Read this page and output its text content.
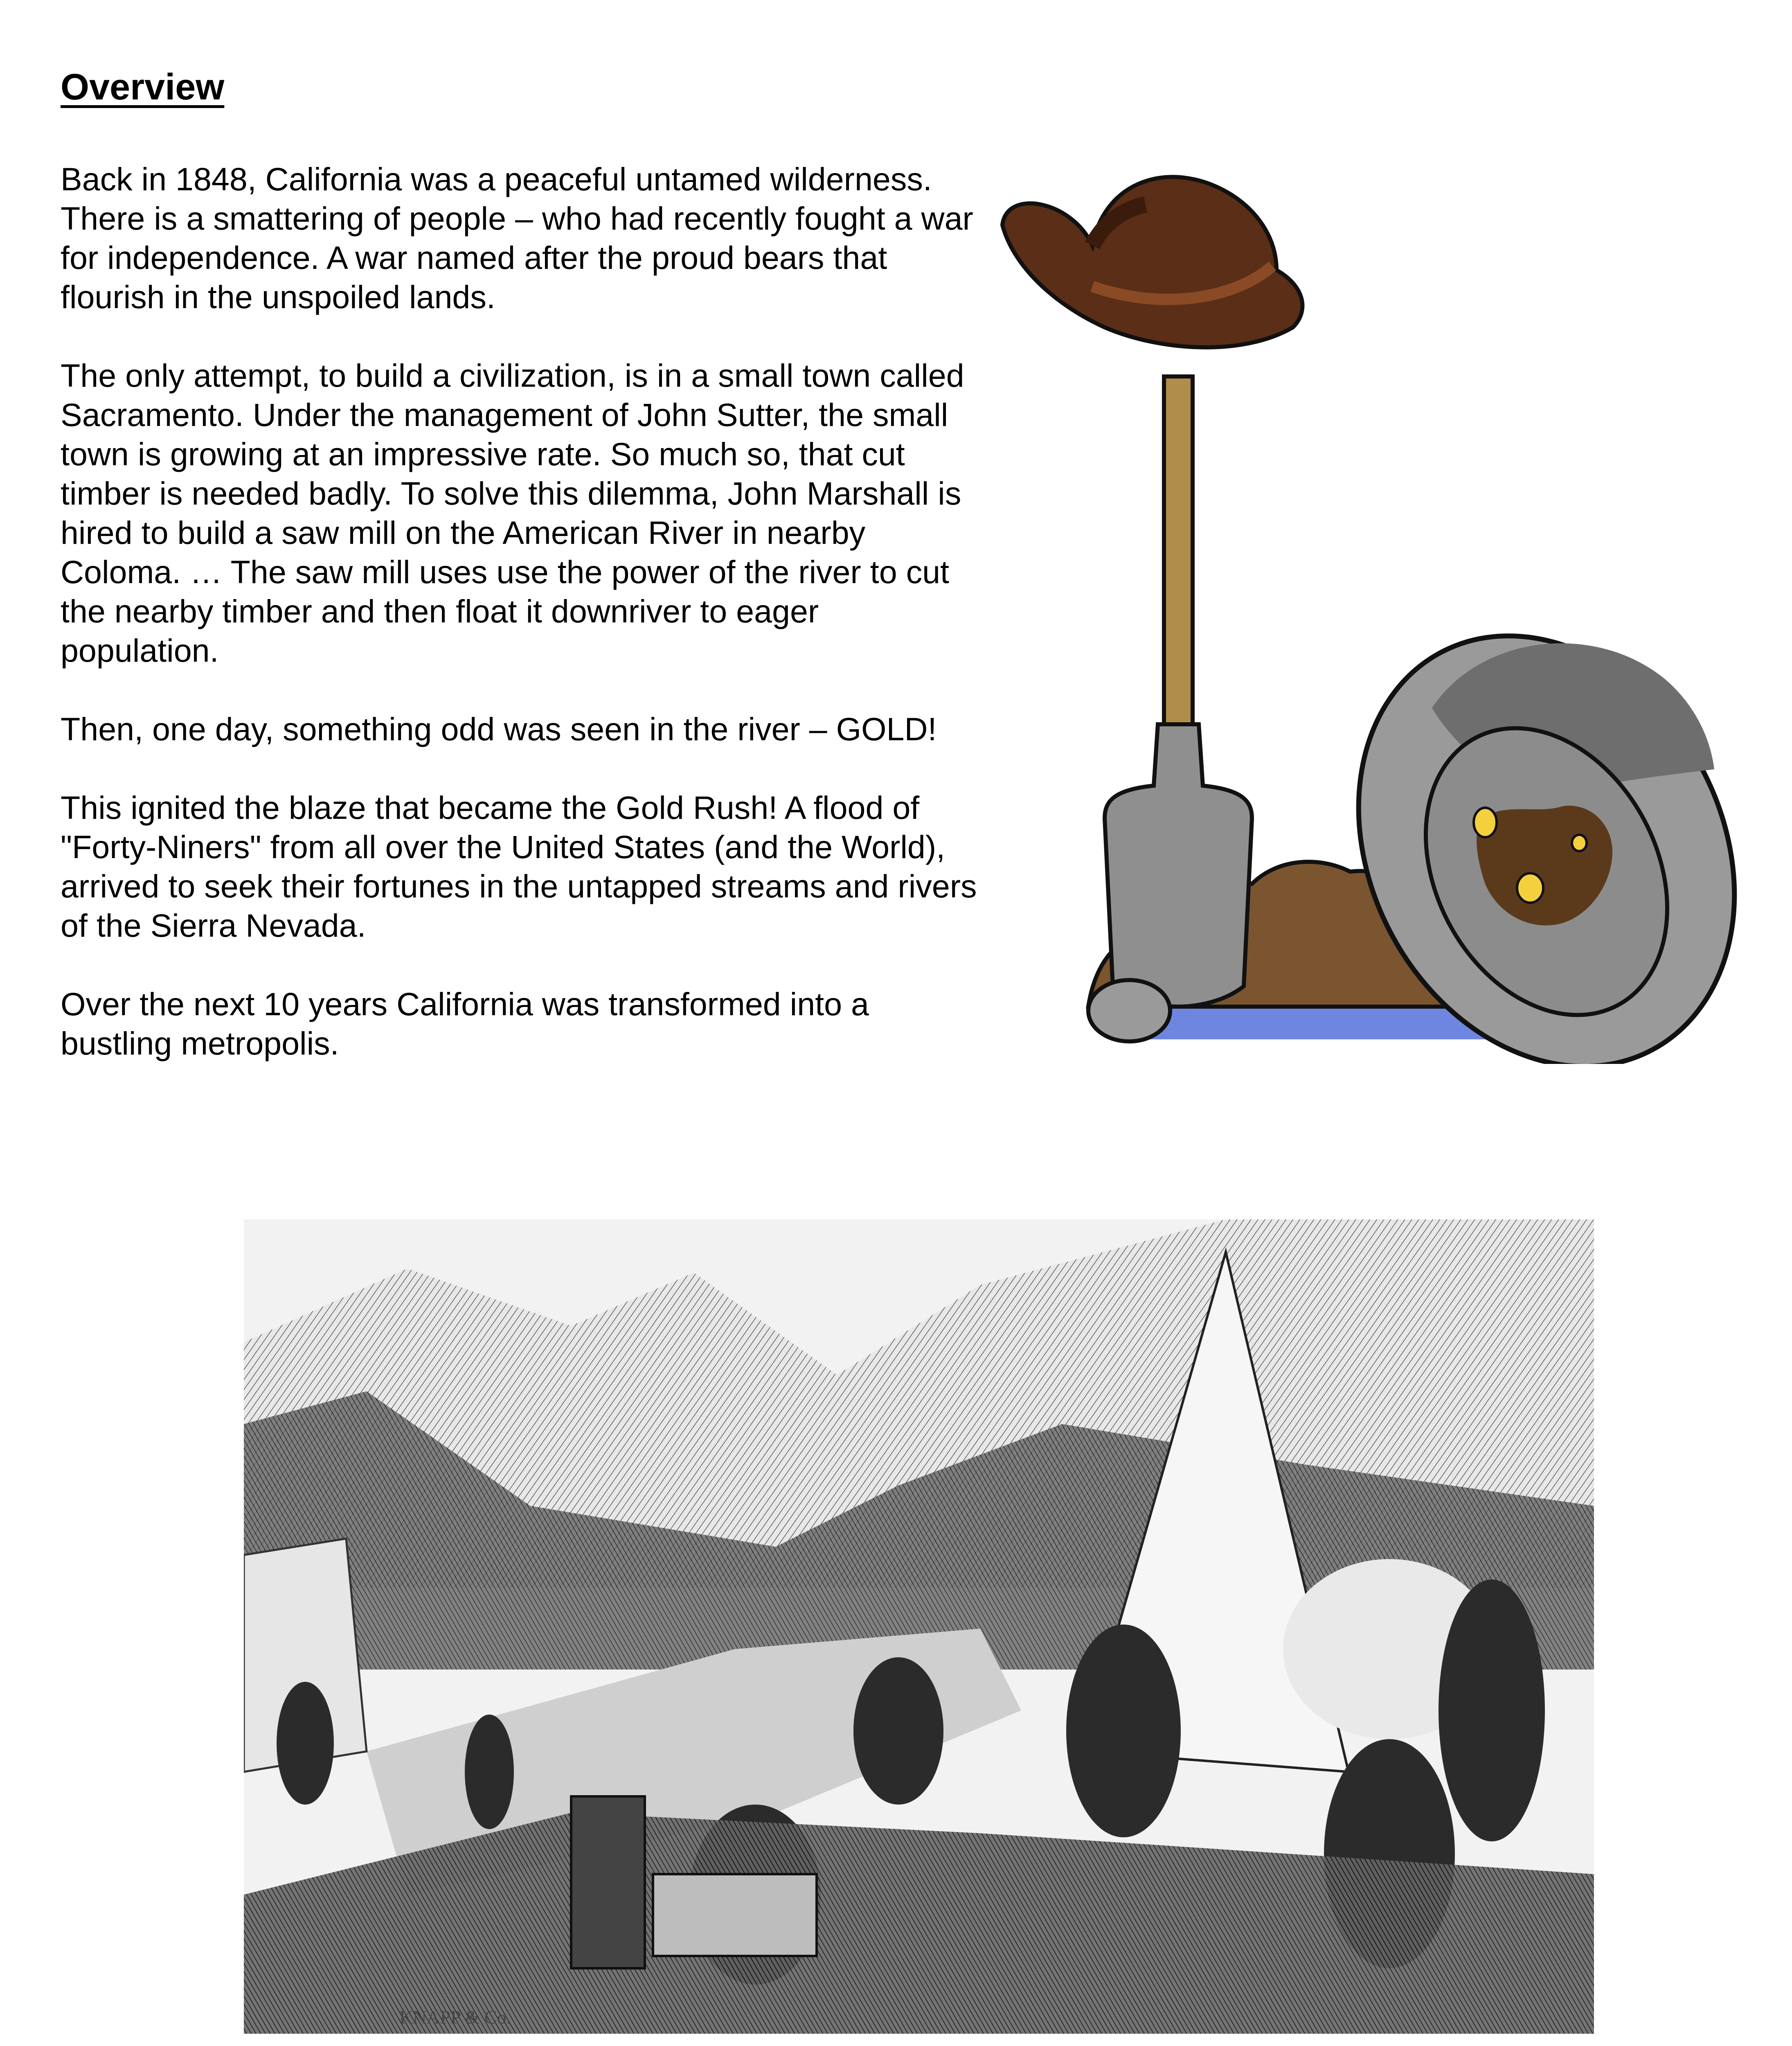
Overview

Back in 1848, California was a peaceful untamed wilderness. There is a smattering of people – who had recently fought a war for independence. A war named after the proud bears that flourish in the unspoiled lands.

The only attempt, to build a civilization, is in a small town called Sacramento. Under the management of John Sutter, the small town is growing at an impressive rate. So much so, that cut timber is needed badly. To solve this dilemma, John Marshall is hired to build a saw mill on the American River in nearby Coloma. … The saw mill uses use the power of the river to cut the nearby timber and then float it downriver to eager population.

Then, one day, something odd was seen in the river – GOLD!

This ignited the blaze that became the Gold Rush! A flood of "Forty-Niners" from all over the United States (and the World), arrived to seek their fortunes in the untapped streams and rivers of the Sierra Nevada.

Over the next 10 years California was transformed into a bustling metropolis.

KNAPP & Co.
